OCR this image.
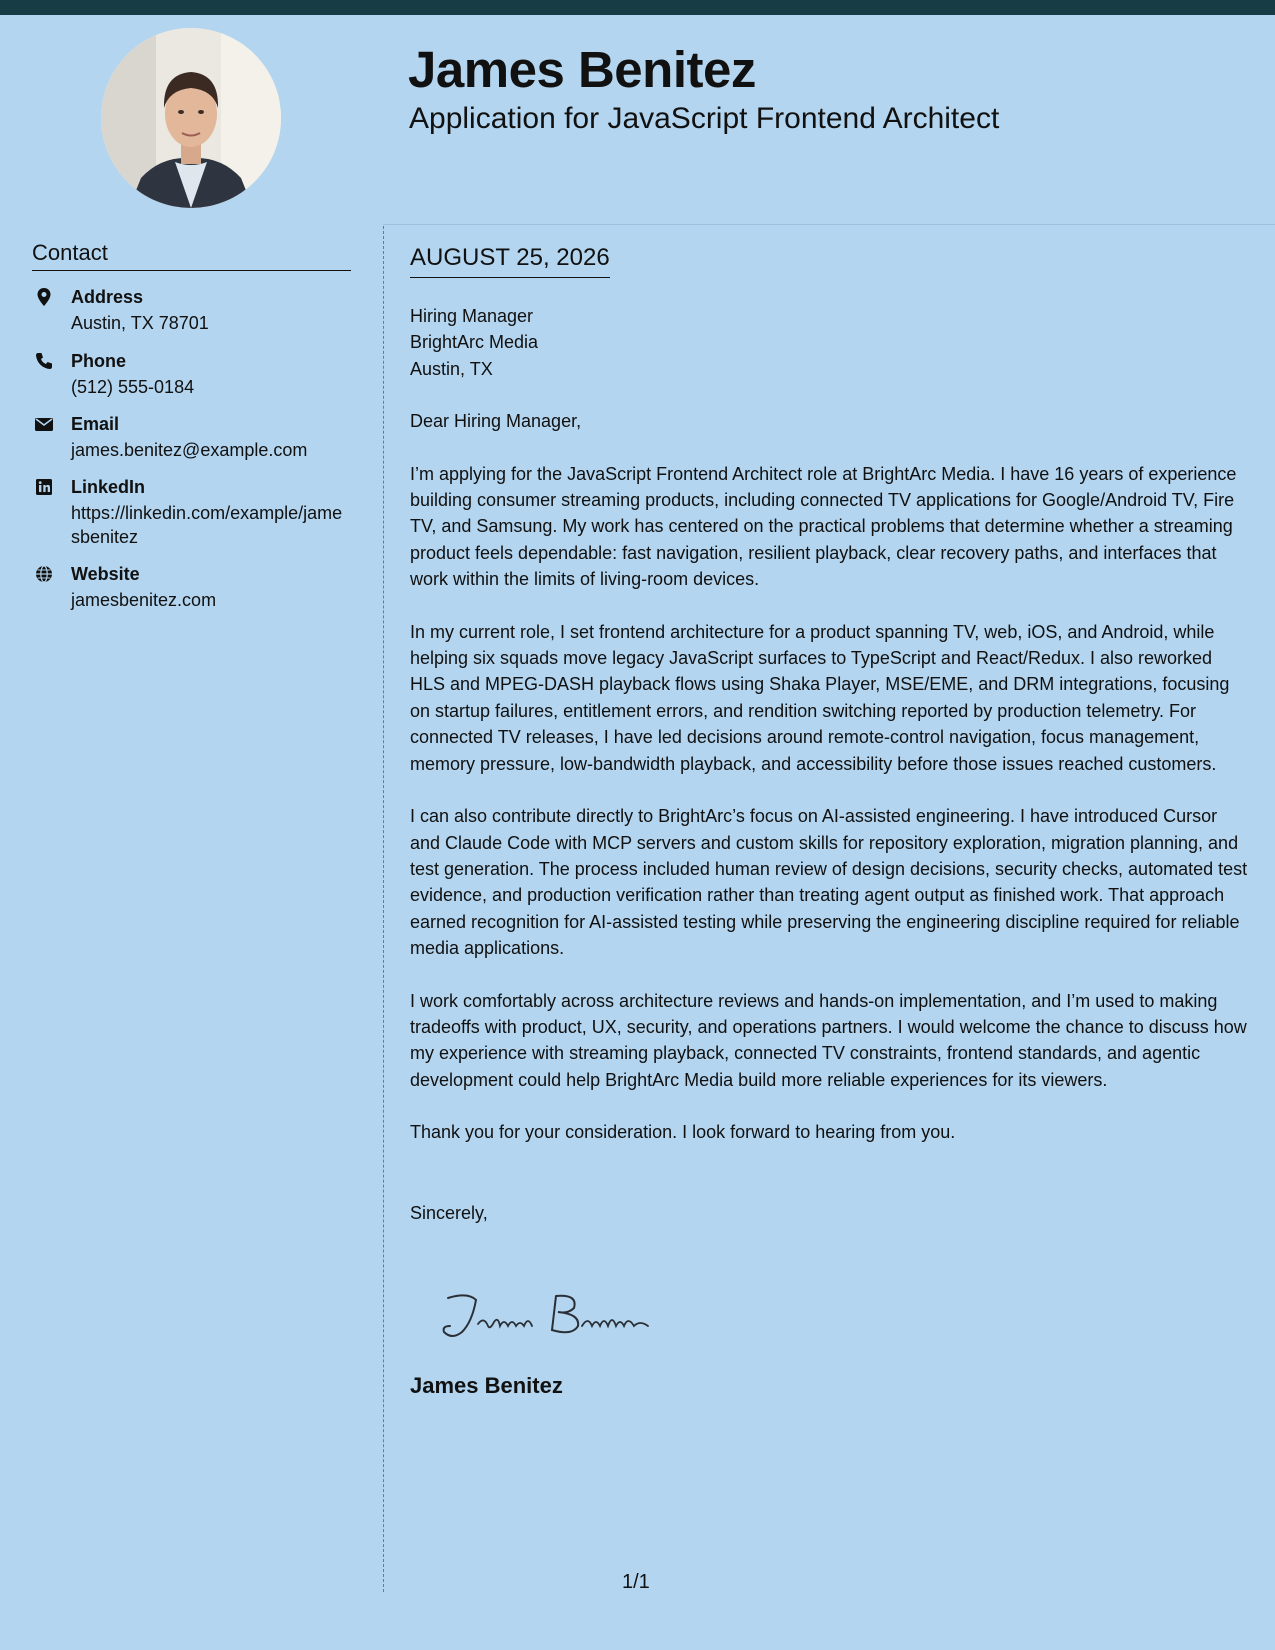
James Benitez
Application for JavaScript Frontend Architect
Contact
Address
Austin, TX 78701
Phone
(512) 555-0184
Email
james.benitez@example.com
LinkedIn
https://linkedin.com/example/jamesbenitez
Website
jamesbenitez.com
AUGUST 25, 2026

Hiring Manager
BrightArc Media
Austin, TX

Dear Hiring Manager,

I’m applying for the JavaScript Frontend Architect role at BrightArc Media. I have 16 years of experience building consumer streaming products, including connected TV applications for Google/Android TV, Fire TV, and Samsung. My work has centered on the practical problems that determine whether a streaming product feels dependable: fast navigation, resilient playback, clear recovery paths, and interfaces that work within the limits of living-room devices.

In my current role, I set frontend architecture for a product spanning TV, web, iOS, and Android, while helping six squads move legacy JavaScript surfaces to TypeScript and React/Redux. I also reworked HLS and MPEG-DASH playback flows using Shaka Player, MSE/EME, and DRM integrations, focusing on startup failures, entitlement errors, and rendition switching reported by production telemetry. For connected TV releases, I have led decisions around remote-control navigation, focus management, memory pressure, low-bandwidth playback, and accessibility before those issues reached customers.

I can also contribute directly to BrightArc’s focus on AI-assisted engineering. I have introduced Cursor and Claude Code with MCP servers and custom skills for repository exploration, migration planning, and test generation. The process included human review of design decisions, security checks, automated test evidence, and production verification rather than treating agent output as finished work. That approach earned recognition for AI-assisted testing while preserving the engineering discipline required for reliable media applications.

I work comfortably across architecture reviews and hands-on implementation, and I’m used to making tradeoffs with product, UX, security, and operations partners. I would welcome the chance to discuss how my experience with streaming playback, connected TV constraints, frontend standards, and agentic development could help BrightArc Media build more reliable experiences for its viewers.

Thank you for your consideration. I look forward to hearing from you.

Sincerely,

James Benitez
1/1
